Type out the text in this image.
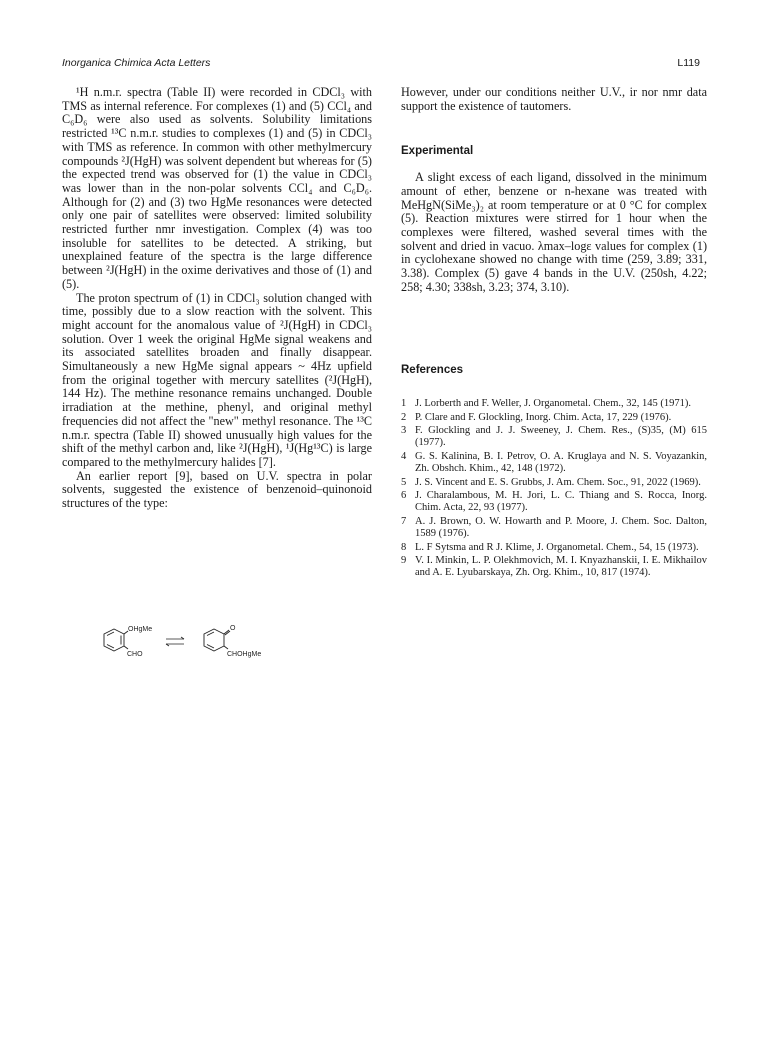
Inorganica Chimica Acta Letters	L119

¹H n.m.r. spectra (Table II) were recorded in CDCl₃ with TMS as internal reference. For complexes (1) and (5) CCl₄ and C₆D₆ were also used as solvents. Solubility limitations restricted ¹³C n.m.r. studies to complexes (1) and (5) in CDCl₃ with TMS as reference. In common with other methylmercury compounds ²J(HgH) was solvent dependent but whereas for (5) the expected trend was observed for (1) the value in CDCl₃ was lower than in the non-polar solvents CCl₄ and C₆D₆. Although for (2) and (3) two HgMe resonances were detected only one pair of satellites were observed: limited solubility restricted further nmr investigation. Complex (4) was too insoluble for satellites to be detected. A striking, but unexplained feature of the spectra is the large difference between ²J(HgH) in the oxime derivatives and those of (1) and (5).

The proton spectrum of (1) in CDCl₃ solution changed with time, possibly due to a slow reaction with the solvent. This might account for the anomalous value of ²J(HgH) in CDCl₃ solution. Over 1 week the original HgMe signal weakens and its associated satellites broaden and finally disappear. Simultaneously a new HgMe signal appears ~ 4Hz upfield from the original together with mercury satellites (²J(HgH), 144 Hz). The methine resonance remains unchanged. Double irradiation at the methine, phenyl, and original methyl frequencies did not affect the "new" methyl resonance. The ¹³C n.m.r. spectra (Table II) showed unusually high values for the shift of the methyl carbon and, like ²J(HgH), ¹J(Hg¹³C) is large compared to the methylmercury halides [7].

An earlier report [9], based on U.V. spectra in polar solvents, suggested the existence of benzenoid–quinonoid structures of the type:

OHgMe
CHO
O
CHOHgMe

However, under our conditions neither U.V., ir nor nmr data support the existence of tautomers.

Experimental

A slight excess of each ligand, dissolved in the minimum amount of ether, benzene or n-hexane was treated with MeHgN(SiMe₃)₂ at room temperature or at 0 °C for complex (5). Reaction mixtures were stirred for 1 hour when the complexes were filtered, washed several times with the solvent and dried in vacuo. λmax–logε values for complex (1) in cyclohexane showed no change with time (259, 3.89; 331, 3.38). Complex (5) gave 4 bands in the U.V. (250sh, 4.22; 258; 4.30; 338sh, 3.23; 374, 3.10).

References
1 J. Lorberth and F. Weller, J. Organometal. Chem., 32, 145 (1971).
2 P. Clare and F. Glockling, Inorg. Chim. Acta, 17, 229 (1976).
3 F. Glockling and J. J. Sweeney, J. Chem. Res., (S)35, (M) 615 (1977).
4 G. S. Kalinina, B. I. Petrov, O. A. Kruglaya and N. S. Voyazankin, Zh. Obshch. Khim., 42, 148 (1972).
5 J. S. Vincent and E. S. Grubbs, J. Am. Chem. Soc., 91, 2022 (1969).
6 J. Charalambous, M. H. Jori, L. C. Thiang and S. Rocca, Inorg. Chim. Acta, 22, 93 (1977).
7 A. J. Brown, O. W. Howarth and P. Moore, J. Chem. Soc. Dalton, 1589 (1976).
8 L. F Sytsma and R J. Klime, J. Organometal. Chem., 54, 15 (1973).
9 V. I. Minkin, L. P. Olekhmovich, M. I. Knyazhanskii, I. E. Mikhailov and A. E. Lyubarskaya, Zh. Org. Khim., 10, 817 (1974).
